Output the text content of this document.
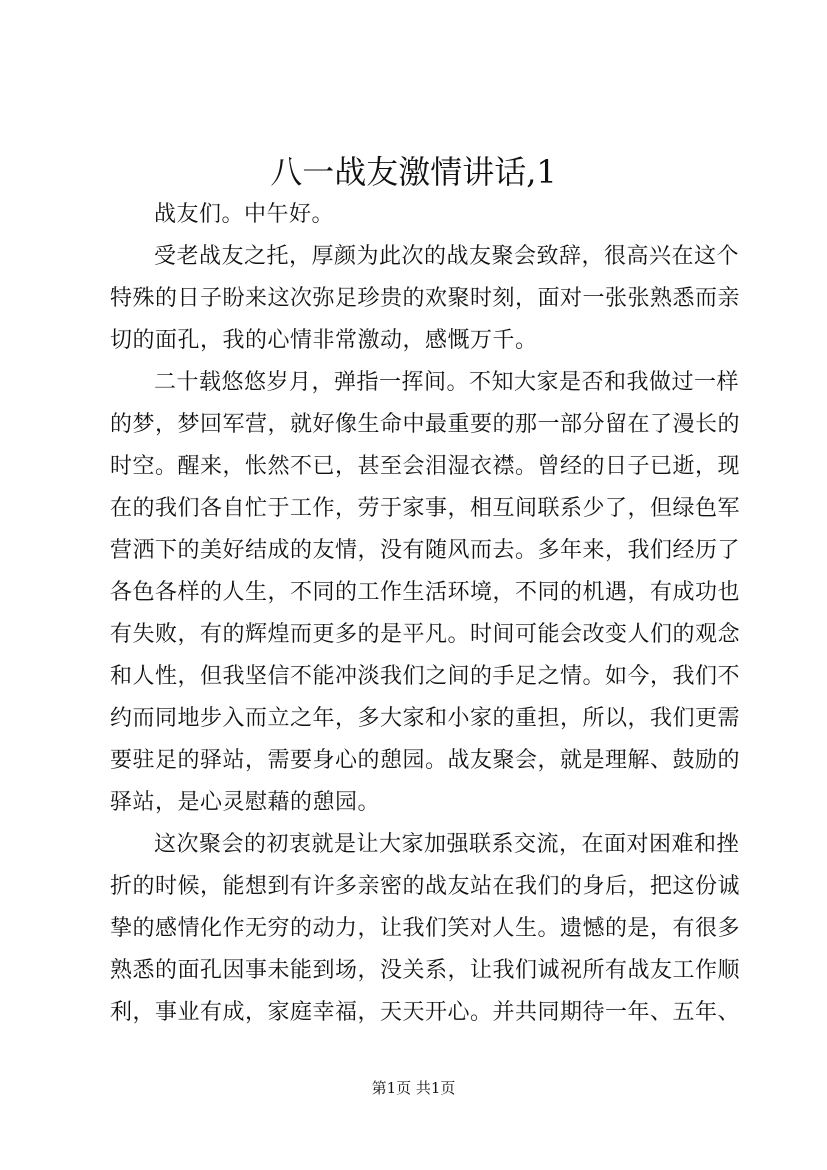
八一战友激情讲话,1
战友们。中午好。
受老战友之托，厚颜为此次的战友聚会致辞，很高兴在这个
特殊的日子盼来这次弥足珍贵的欢聚时刻，面对一张张熟悉而亲
切的面孔，我的心情非常激动，感慨万千。
二十载悠悠岁月，弹指一挥间。不知大家是否和我做过一样
的梦，梦回军营，就好像生命中最重要的那一部分留在了漫长的
时空。醒来，怅然不已，甚至会泪湿衣襟。曾经的日子已逝，现
在的我们各自忙于工作，劳于家事，相互间联系少了，但绿色军
营洒下的美好结成的友情，没有随风而去。多年来，我们经历了
各色各样的人生，不同的工作生活环境，不同的机遇，有成功也
有失败，有的辉煌而更多的是平凡。时间可能会改变人们的观念
和人性，但我坚信不能冲淡我们之间的手足之情。如今，我们不
约而同地步入而立之年，多大家和小家的重担，所以，我们更需
要驻足的驿站，需要身心的憩园。战友聚会，就是理解、鼓励的
驿站，是心灵慰藉的憩园。
这次聚会的初衷就是让大家加强联系交流，在面对困难和挫
折的时候，能想到有许多亲密的战友站在我们的身后，把这份诚
挚的感情化作无穷的动力，让我们笑对人生。遗憾的是，有很多
熟悉的面孔因事未能到场，没关系，让我们诚祝所有战友工作顺
利，事业有成，家庭幸福，天天开心。并共同期待一年、五年、
第1页 共1页
